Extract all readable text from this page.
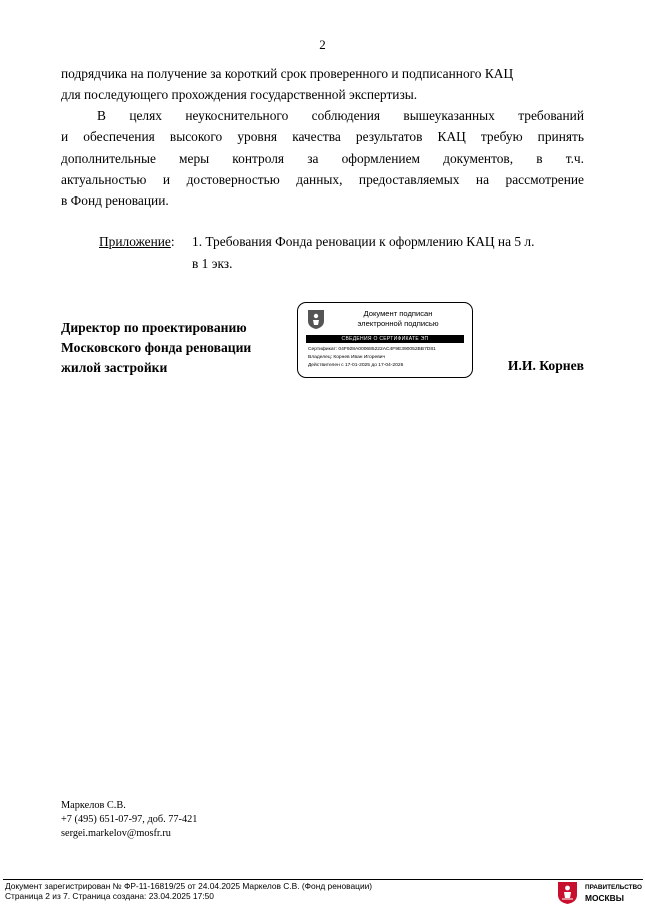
2
подрядчика на получение за короткий срок проверенного и подписанного КАЦ
для последующего прохождения государственной экспертизы.
В целях неукоснительного соблюдения вышеуказанных требований
и обеспечения высокого уровня качества результатов КАЦ требую принять
дополнительные меры контроля за оформлением документов, в т.ч.
актуальностью и достоверностью данных, предоставляемых на рассмотрение
в Фонд реновации.
Приложение: 1. Требования Фонда реновации к оформлению КАЦ на 5 л.
в 1 экз.
Директор по проектированию
Московского фонда реновации
жилой застройки	И.И. Корнев
Документ подписан
электронной подписью
СВЕДЕНИЯ О СЕРТИФИКАТЕ ЭП
Сертификат: 04F928A000685222AC4F9E390052BB7D81
Владелец: Корнев Иван Игоревич
Действителен с 17-01-2025 до 17-04-2026
Маркелов С.В.
+7 (495) 651-07-97, доб. 77-421
sergei.markelov@mosfr.ru
Документ зарегистрирован № ФР-11-16819/25 от 24.04.2025 Маркелов С.В. (Фонд реновации)
Страница 2 из 7. Страница создана: 23.04.2025 17:50
ПРАВИТЕЛЬСТВО
МОСКВЫ
